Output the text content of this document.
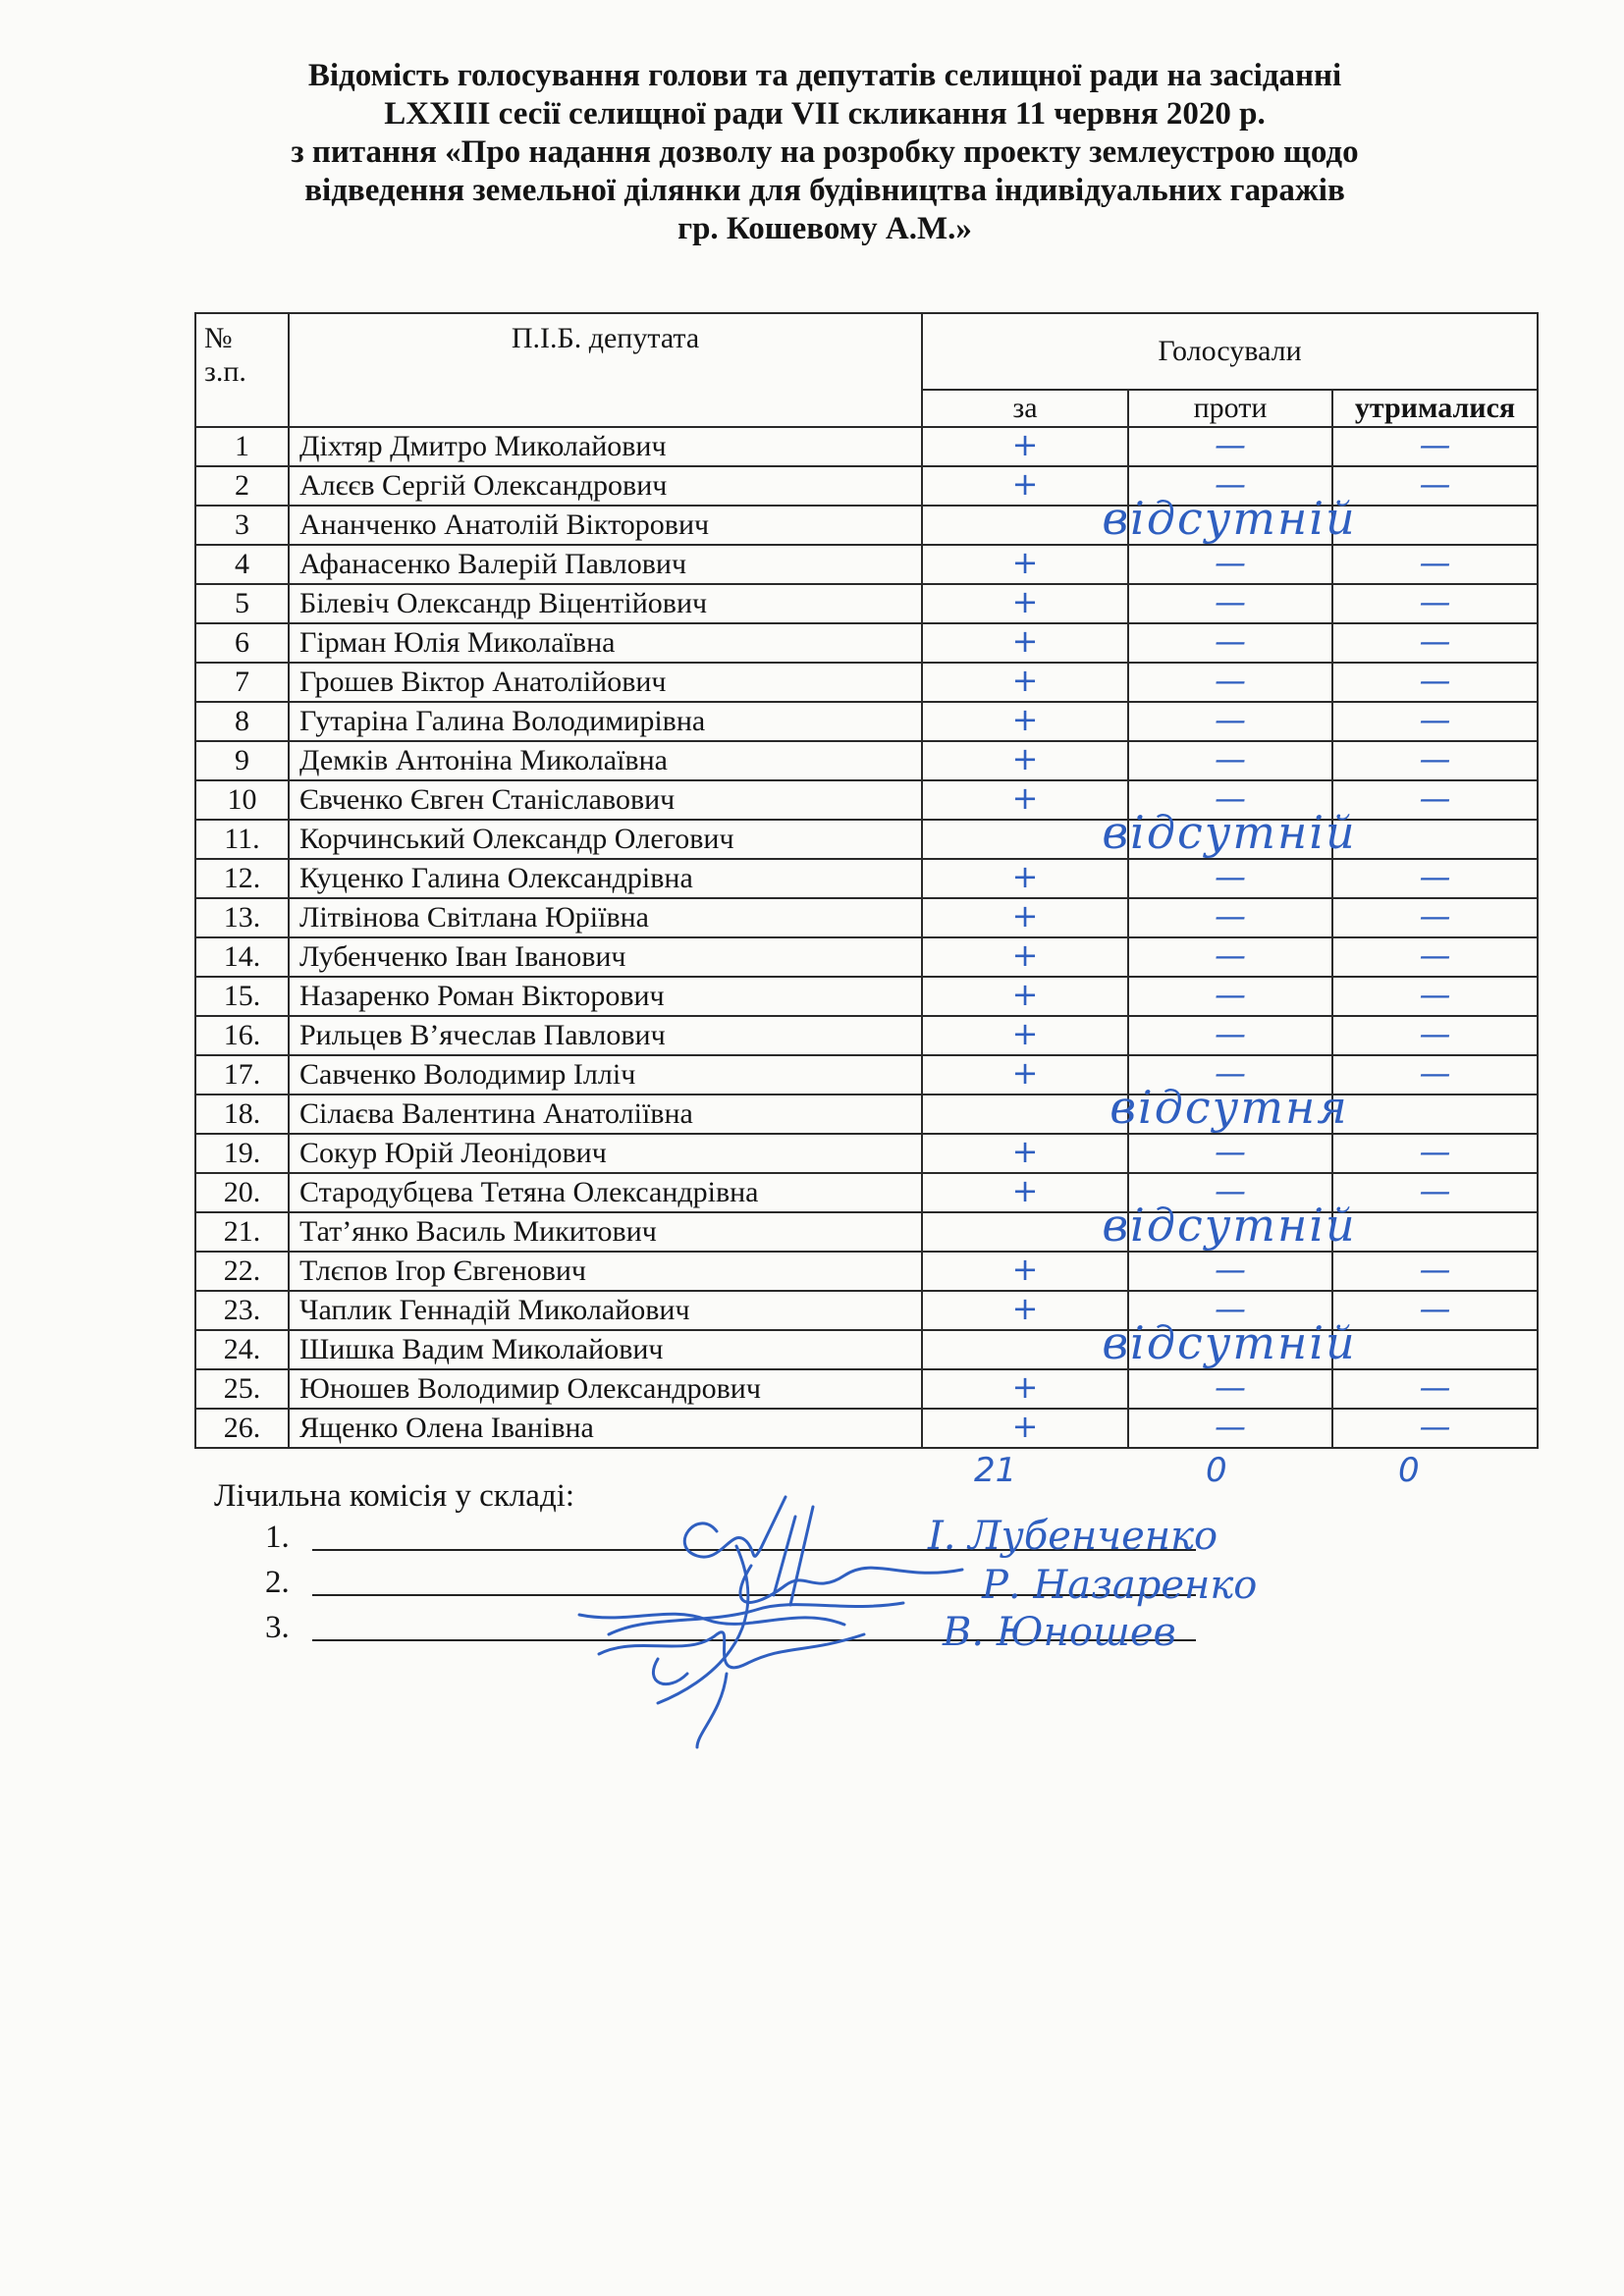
Відомість голосування голови та депутатів селищної ради на засіданні
LXXIII сесії селищної ради VII скликання 11 червня 2020 р.
з питання «Про надання дозволу на розробку проекту землеустрою щодо
відведення земельної ділянки для будівництва індивідуальних гаражів
гр. Кошевому А.М.»
№ з.п.	П.І.Б. депутата	Голосували		
		за	проти	утрималися
1	Діхтяр Дмитро Миколайович	+	—	—
2	Алєєв Сергій Олександрович	+	—	—
3	Ананченко Анатолій Вікторович	відсутній		

4	Афанасенко Валерій Павлович	+	—	—
5	Білевіч Олександр Віцентійович	+	—	—
6	Гірман Юлія Миколаївна	+	—	—
7	Грошев Віктор Анатолійович	+	—	—
8	Гутаріна Галина Володимирівна	+	—	—
9	Демків Антоніна Миколаївна	+	—	—
10	Євченко Євген Станіславович	+	—	—
11.	Корчинський Олександр Олегович	відсутній		

12.	Куценко Галина Олександрівна	+	—	—
13.	Літвінова Світлана Юріївна	+	—	—
14.	Лубенченко Іван Іванович	+	—	—
15.	Назаренко Роман Вікторович	+	—	—
16.	Рильцев В’ячеслав Павлович	+	—	—
17.	Савченко Володимир Ілліч	+	—	—
18.	Сілаєва Валентина Анатоліївна	відсутня		

19.	Сокур Юрій Леонідович	+	—	—
20.	Стародубцева Тетяна Олександрівна	+	—	—
21.	Тат’янко Василь Микитович	відсутній		

22.	Тлєпов Ігор Євгенович	+	—	—
23.	Чаплик Геннадій Миколайович	+	—	—
24.	Шишка Вадим Миколайович	відсутній		

25.	Юношев Володимир Олександрович	+	—	—
26.	Ященко Олена Іванівна	+	—	—
21	0	0
Лічильна комісія у складі:
1.
2.
3.
І. Лубенченко
Р. Назаренко
В. Юношев
